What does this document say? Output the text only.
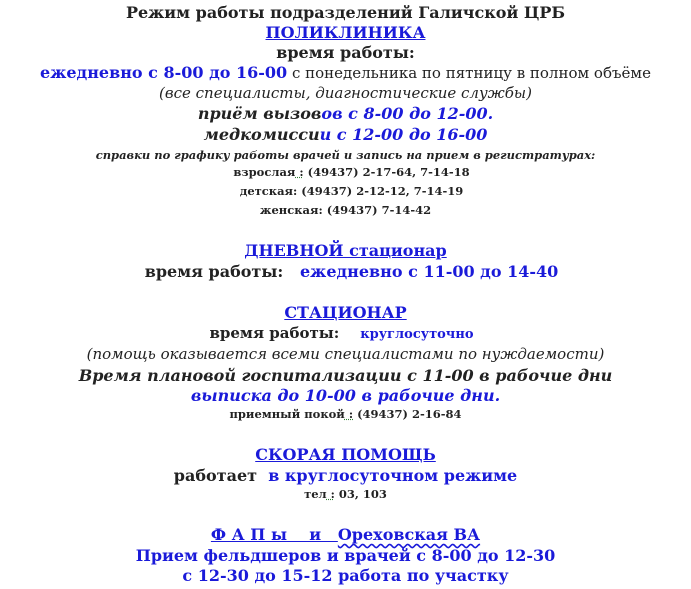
Режим работы подразделений Галичской ЦРБ
ПОЛИКЛИНИКА
время работы:
ежедневно с 8-00 до 16-00 с понедельника по пятницу в полном объёме
(все специалисты, диагностические службы)
приём вызовов с 8-00 до 12-00.
медкомиссии с 12-00 до 16-00
справки по графику работы врачей и запись на прием в регистратурах:
взрослая : (49437) 2-17-64, 7-14-18
детская: (49437) 2-12-12, 7-14-19
женская: (49437) 7-14-42
ДНЕВНОЙ стационар
время работы: ежедневно с 11-00 до 14-40
СТАЦИОНАР
время работы: круглосуточно
(помощь оказывается всеми специалистами по нуждаемости)
Время плановой госпитализации с 11-00 в рабочие дни
выписка до 10-00 в рабочие дни.
приемный покой : (49437) 2-16-84
СКОРАЯ ПОМОЩЬ
работает в круглосуточном режиме
тел : 03, 103
Ф А П ы    и   Ореховская ВА
Прием фельдшеров и врачей с 8-00 до 12-30
с 12-30 до 15-12 работа по участку
